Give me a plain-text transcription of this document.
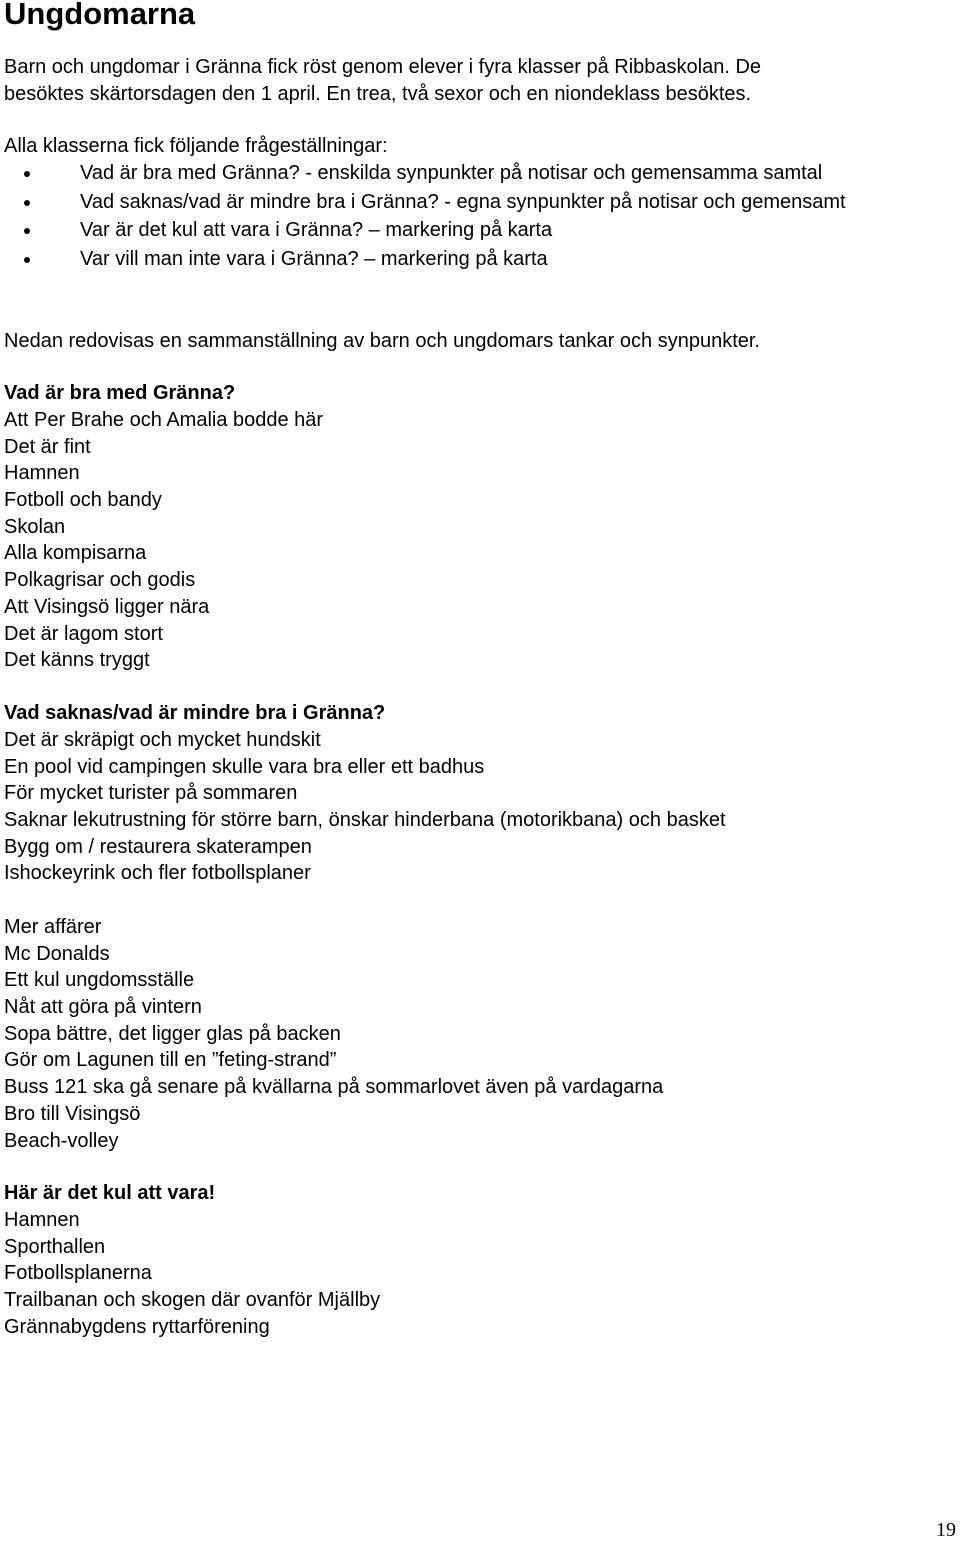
Ungdomarna

Barn och ungdomar i Gränna fick röst genom elever i fyra klasser på Ribbaskolan. De

besöktes skärtorsdagen den 1 april. En trea, två sexor och en niondeklass besöktes.

Alla klasserna fick följande frågeställningar:

Vad är bra med Gränna? - enskilda synpunkter på notisar och gemensamma samtal
Vad saknas/vad är mindre bra i Gränna? - egna synpunkter på notisar och gemensamt
Var är det kul att vara i Gränna? – markering på karta
Var vill man inte vara i Gränna? – markering på karta

Nedan redovisas en sammanställning av barn och ungdomars tankar och synpunkter.

Vad är bra med Gränna?

Att Per Brahe och Amalia bodde här
Det är fint
Hamnen
Fotboll och bandy
Skolan
Alla kompisarna
Polkagrisar och godis
Att Visingsö ligger nära
Det är lagom stort
Det känns tryggt

Vad saknas/vad är mindre bra i Gränna?

Det är skräpigt och mycket hundskit
En pool vid campingen skulle vara bra eller ett badhus
För mycket turister på sommaren
Saknar lekutrustning för större barn, önskar hinderbana (motorikbana) och basket
Bygg om / restaurera skaterampen
Ishockeyrink och fler fotbollsplaner
Mer affärer
Mc Donalds
Ett kul ungdomsställe
Nåt att göra på vintern
Sopa bättre, det ligger glas på backen
Gör om Lagunen till en ”feting-strand”
Buss 121 ska gå senare på kvällarna på sommarlovet även på vardagarna
Bro till Visingsö
Beach-volley

Här är det kul att vara!

Hamnen
Sporthallen
Fotbollsplanerna
Trailbanan och skogen där ovanför Mjällby
Grännabygdens ryttarförening
19
